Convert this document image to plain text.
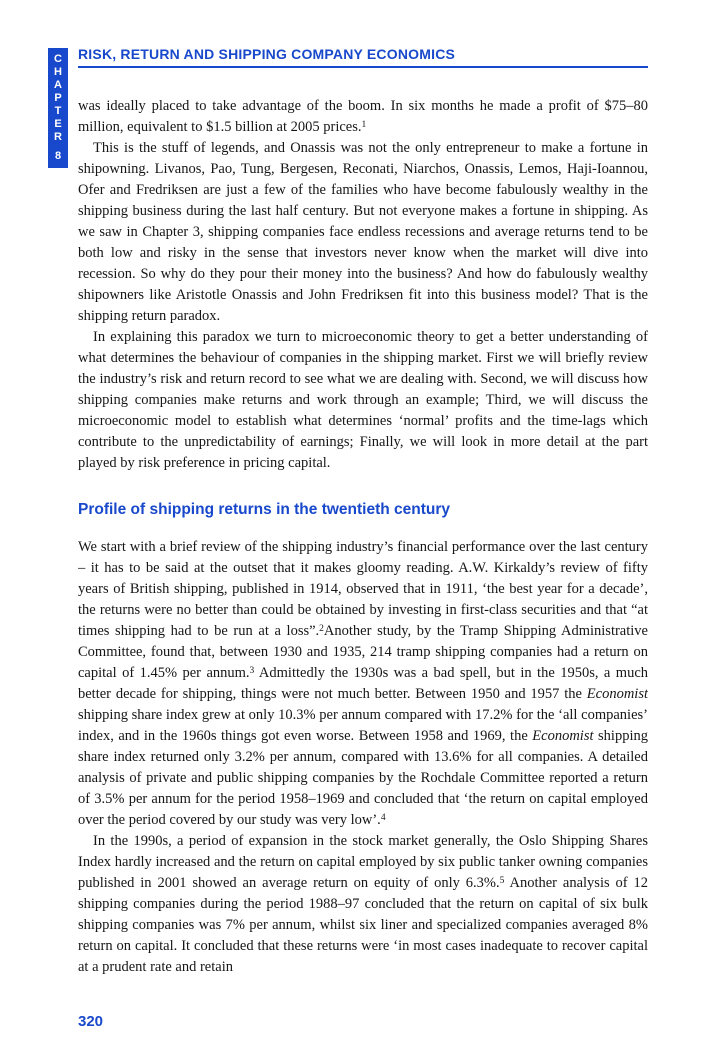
C
H
A
P
T
E
R
8
RISK, RETURN AND SHIPPING COMPANY ECONOMICS

was ideally placed to take advantage of the boom. In six months he made a profit of $75–80 million, equivalent to $1.5 billion at 2005 prices.$^1$

This is the stuff of legends, and Onassis was not the only entrepreneur to make a fortune in shipowning. Livanos, Pao, Tung, Bergesen, Reconati, Niarchos, Onassis, Lemos, Haji-Ioannou, Ofer and Fredriksen are just a few of the families who have become fabulously wealthy in the shipping business during the last half century. But not everyone makes a fortune in shipping. As we saw in Chapter 3, shipping companies face endless recessions and average returns tend to be both low and risky in the sense that investors never know when the market will dive into recession. So why do they pour their money into the business? And how do fabulously wealthy shipowners like Aristotle Onassis and John Fredriksen fit into this business model? That is the shipping return paradox.

In explaining this paradox we turn to microeconomic theory to get a better understanding of what determines the behaviour of companies in the shipping market. First we will briefly review the industry’s risk and return record to see what we are dealing with. Second, we will discuss how shipping companies make returns and work through an example; Third, we will discuss the microeconomic model to establish what determines ‘normal’ profits and the time-lags which contribute to the unpredictability of earnings; Finally, we will look in more detail at the part played by risk preference in pricing capital.

Profile of shipping returns in the twentieth century

We start with a brief review of the shipping industry’s financial performance over the last century – it has to be said at the outset that it makes gloomy reading. A.W. Kirkaldy’s review of fifty years of British shipping, published in 1914, observed that in 1911, ‘the best year for a decade’, the returns were no better than could be obtained by investing in first-class securities and that “at times shipping had to be run at a loss”.$^2$Another study, by the Tramp Shipping Administrative Committee, found that, between 1930 and 1935, 214 tramp shipping companies had a return on capital of 1.45% per annum.$^3$ Admittedly the 1930s was a bad spell, but in the 1950s, a much better decade for shipping, things were not much better. Between 1950 and 1957 the Economist shipping share index grew at only 10.3% per annum compared with 17.2% for the ‘all companies’ index, and in the 1960s things got even worse. Between 1958 and 1969, the Economist shipping share index returned only 3.2% per annum, compared with 13.6% for all companies. A detailed analysis of private and public shipping companies by the Rochdale Committee reported a return of 3.5% per annum for the period 1958–1969 and concluded that ‘the return on capital employed over the period covered by our study was very low’.$^4$

In the 1990s, a period of expansion in the stock market generally, the Oslo Shipping Shares Index hardly increased and the return on capital employed by six public tanker owning companies published in 2001 showed an average return on equity of only 6.3%.$^5$ Another analysis of 12 shipping companies during the period 1988–97 concluded that the return on capital of six bulk shipping companies was 7% per annum, whilst six liner and specialized companies averaged 8% return on capital. It concluded that these returns were ‘in most cases inadequate to recover capital at a prudent rate and retain

320
